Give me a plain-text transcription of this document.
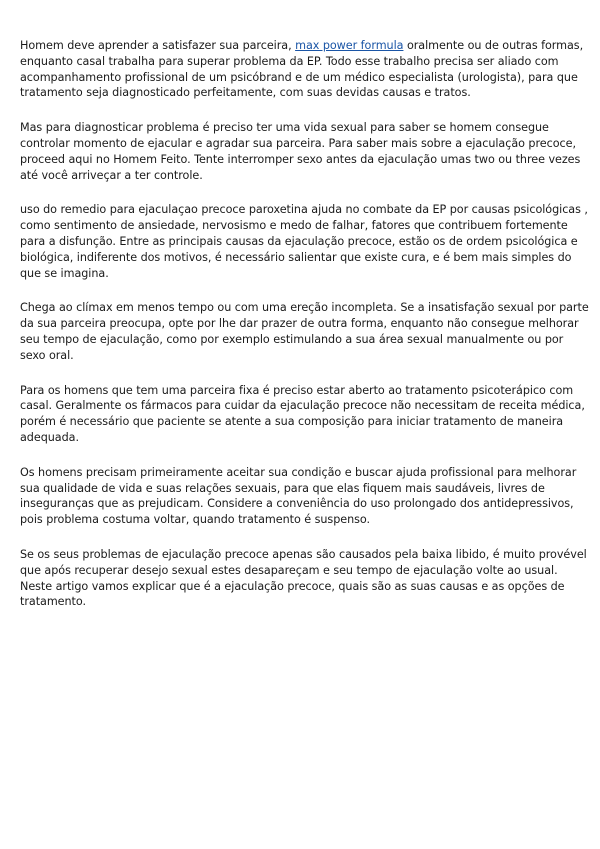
Homem deve aprender a satisfazer sua parceira, max power formula oralmente ou de outras formas, enquanto casal trabalha para superar problema da EP. Todo esse trabalho precisa ser aliado com acompanhamento profissional de um psicóbrand e de um médico especialista (urologista), para que tratamento seja diagnosticado perfeitamente, com suas devidas causas e tratos.

Mas para diagnosticar problema é preciso ter uma vida sexual para saber se homem consegue controlar momento de ejacular e agradar sua parceira. Para saber mais sobre a ejaculação precoce, proceed aqui no Homem Feito. Tente interromper sexo antes da ejaculação umas two ou three vezes até você arriveçar a ter controle.

uso do remedio para ejaculaçao precoce paroxetina ajuda no combate da EP por causas psicológicas , como sentimento de ansiedade, nervosismo e medo de falhar, fatores que contribuem fortemente para a disfunção. Entre as principais causas da ejaculação precoce, estão os de ordem psicológica e biológica, indiferente dos motivos, é necessário salientar que existe cura, e é bem mais simples do que se imagina.

Chega ao clímax em menos tempo ou com uma ereção incompleta. Se a insatisfação sexual por parte da sua parceira preocupa, opte por lhe dar prazer de outra forma, enquanto não consegue melhorar seu tempo de ejaculação, como por exemplo estimulando a sua área sexual manualmente ou por sexo oral.

Para os homens que tem uma parceira fixa é preciso estar aberto ao tratamento psicoterápico com casal. Geralmente os fármacos para cuidar da ejaculação precoce não necessitam de receita médica, porém é necessário que paciente se atente a sua composição para iniciar tratamento de maneira adequada.

Os homens precisam primeiramente aceitar sua condição e buscar ajuda profissional para melhorar sua qualidade de vida e suas relações sexuais, para que elas fiquem mais saudáveis, livres de inseguranças que as prejudicam. Considere a conveniência do uso prolongado dos antidepressivos, pois problema costuma voltar, quando tratamento é suspenso.

Se os seus problemas de ejaculação precoce apenas são causados pela baixa libido, é muito provével que após recuperar desejo sexual estes desapareçam e seu tempo de ejaculação volte ao usual. Neste artigo vamos explicar que é a ejaculação precoce, quais são as suas causas e as opções de tratamento.
